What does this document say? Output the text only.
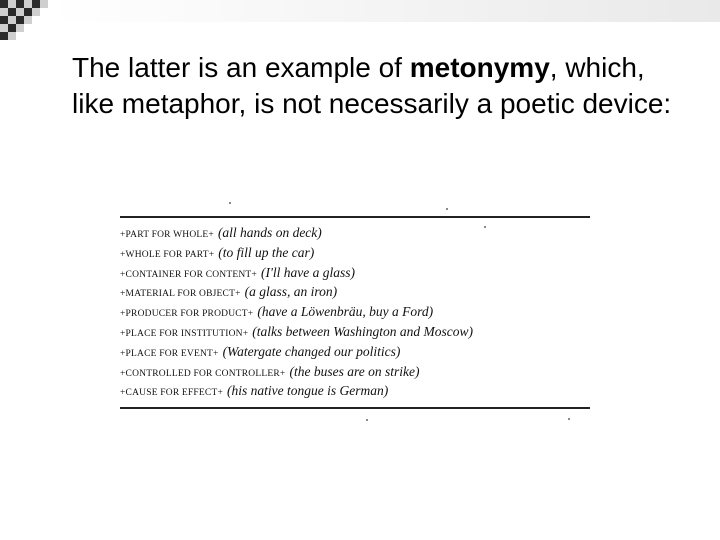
The latter is an example of metonymy, which, like metaphor, is not necessarily a poetic device:
+PART FOR WHOLE+ (all hands on deck)
+WHOLE FOR PART+ (to fill up the car)
+CONTAINER FOR CONTENT+ (I'll have a glass)
+MATERIAL FOR OBJECT+ (a glass, an iron)
+PRODUCER FOR PRODUCT+ (have a Löwenbräu, buy a Ford)
+PLACE FOR INSTITUTION+ (talks between Washington and Moscow)
+PLACE FOR EVENT+ (Watergate changed our politics)
+CONTROLLED FOR CONTROLLER+ (the buses are on strike)
+CAUSE FOR EFFECT+ (his native tongue is German)
